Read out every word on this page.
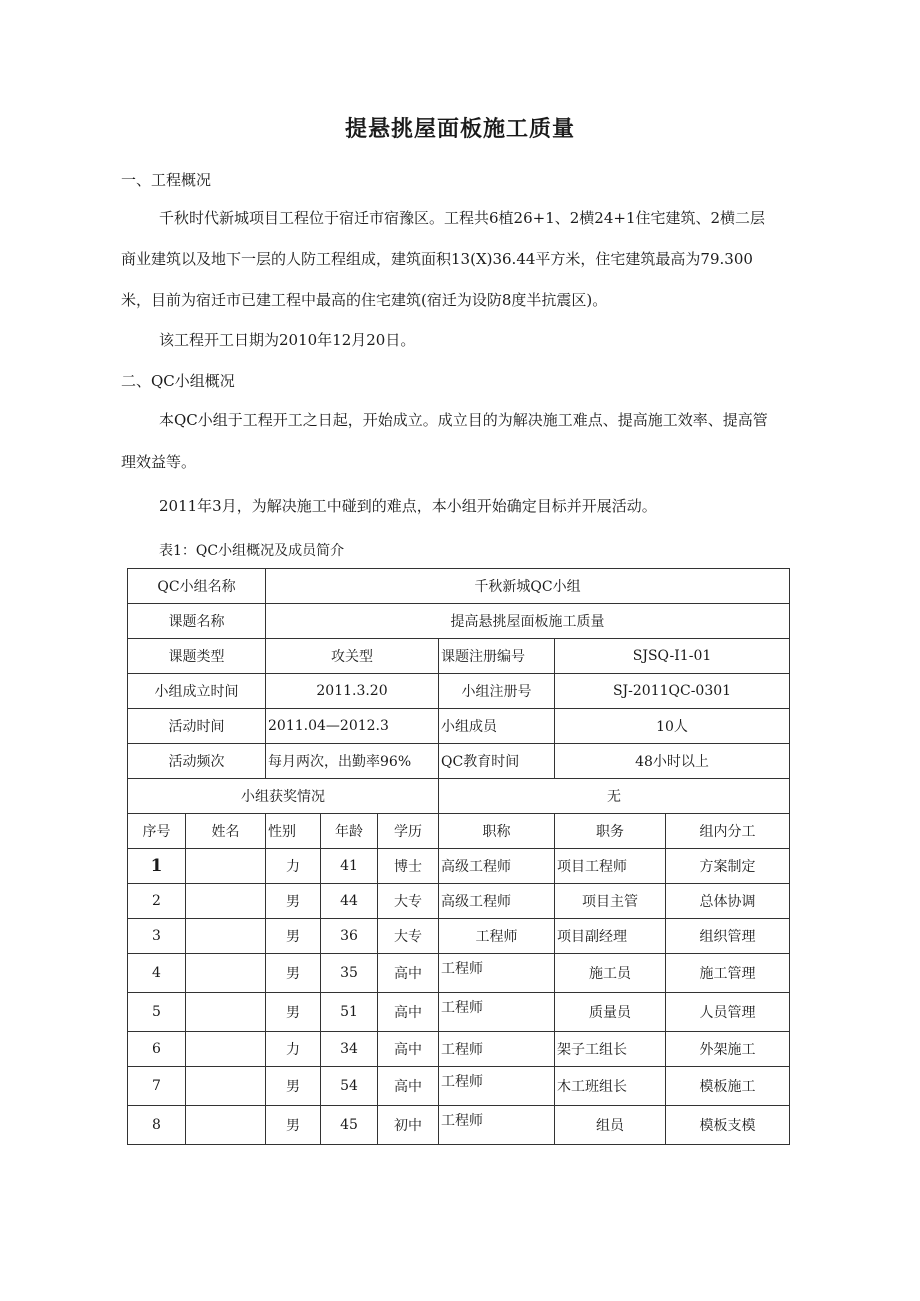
提悬挑屋面板施工质量
一、工程概况
千秋时代新城项目工程位于宿迁市宿豫区。工程共6植26+1、2横24+1住宅建筑、2横二层
商业建筑以及地下一层的人防工程组成，建筑面积13(X)36.44平方米，住宅建筑最高为79.300
米，目前为宿迁市已建工程中最高的住宅建筑(宿迁为设防8度半抗震区)。
该工程开工日期为2010年12月20日。
二、QC小组概况
本QC小组于工程开工之日起，开始成立。成立目的为解决施工难点、提高施工效率、提高管
理效益等。
2011年3月，为解决施工中碰到的难点，本小组开始确定目标并开展活动。
表1：QC小组概况及成员简介
QC小组名称		千秋新城QC小组					
课题名称		提高悬挑屋面板施工质量					
课题类型		攻关型			课题注册编号	SJSQ-I1-01	
小组成立时间		2011.3.20			小组注册号	SJ-2011QC-0301	
活动时间		2011.04—2012.3			小组成员	10人	
活动频次		每月两次，出勤率96%			QC教育时间	48小时以上	
小组获奖情况					无		
序号	姓名	性别	年龄	学历	职称	职务	组内分工
1		力	41	博士	高级工程师	项目工程师	方案制定
2		男	44	大专	高级工程师	项目主管	总体协调
3		男	36	大专	工程师	项目副经理	组织管理
4		男	35	高中	工程师	施工员	施工管理
5		男	51	高中	工程师	质量员	人员管理
6		力	34	高中	工程师	架子工组长	外架施工
7		男	54	高中	工程师	木工班组长	模板施工
8		男	45	初中	工程师	组员	模板支模
